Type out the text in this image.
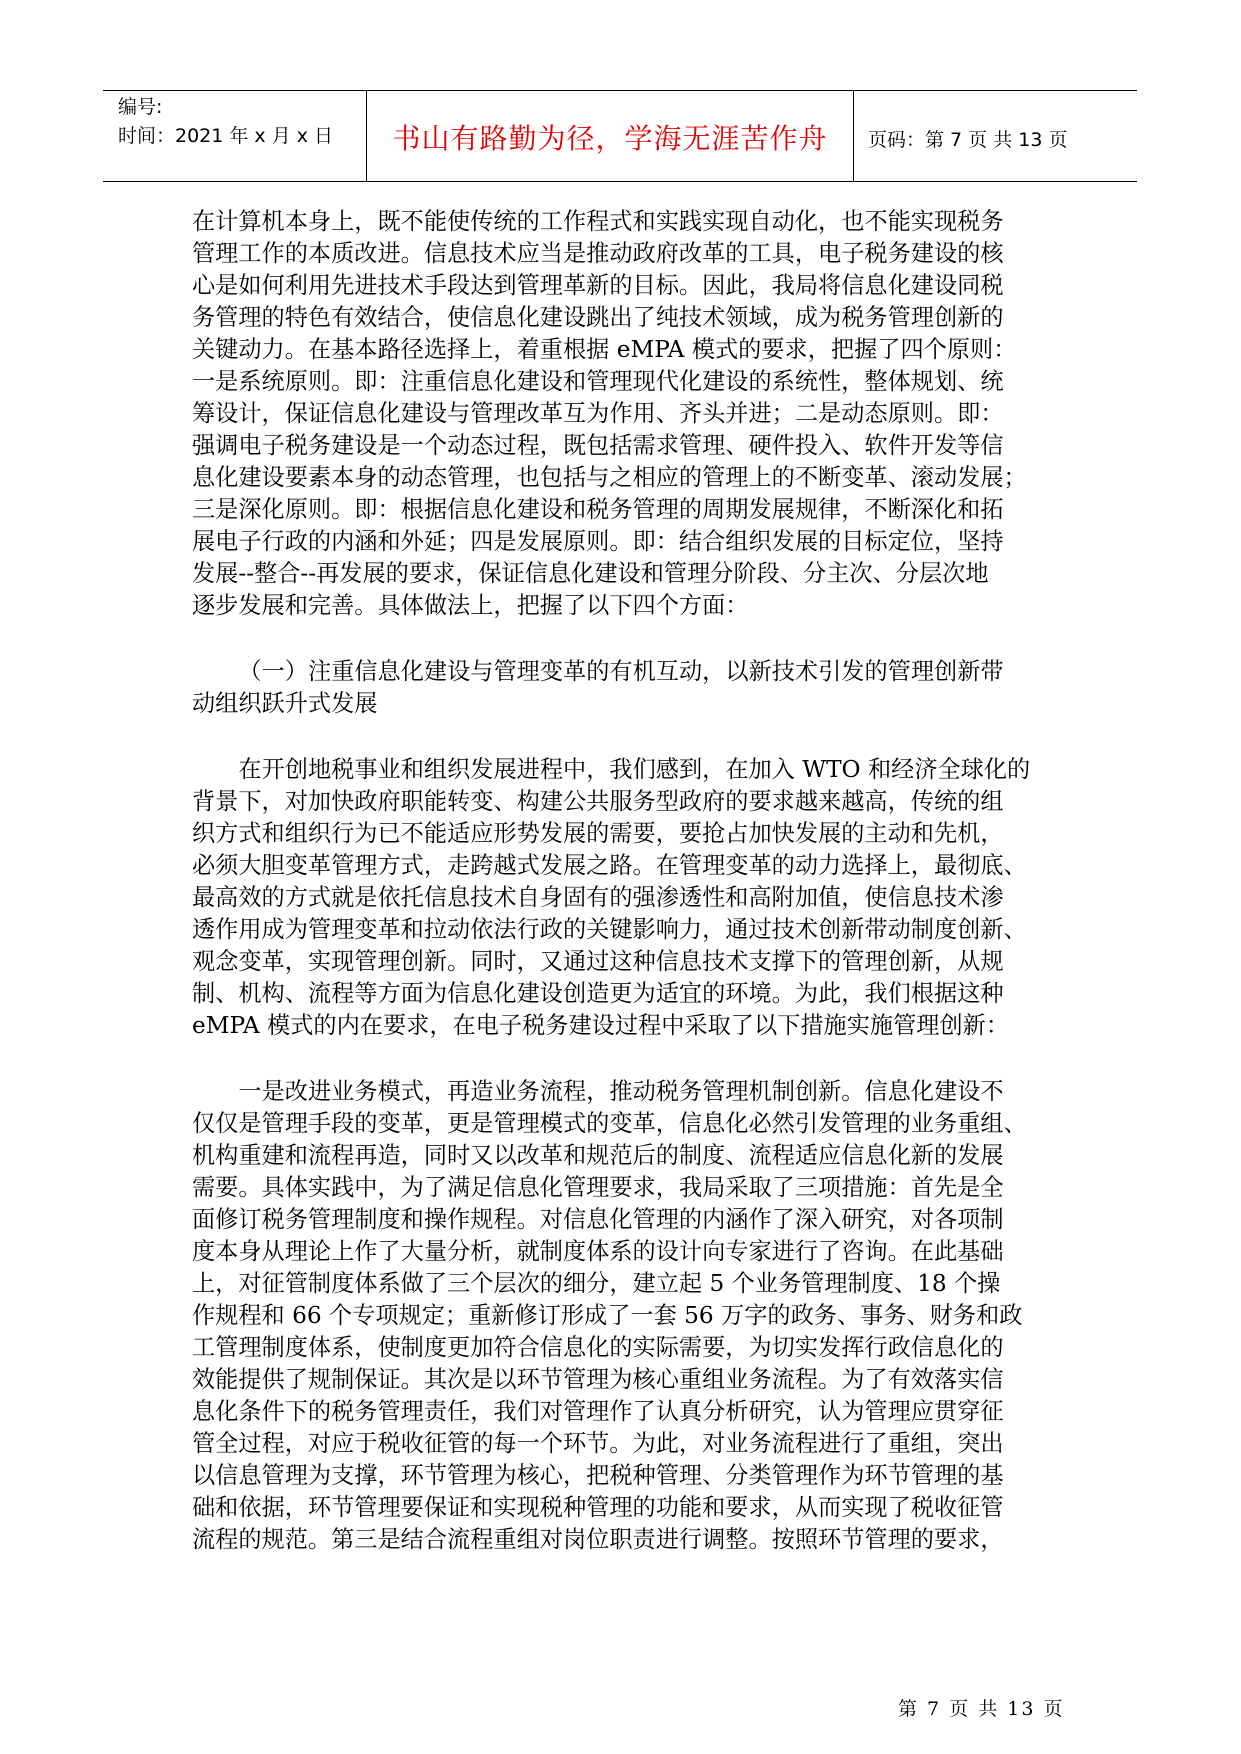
编号:
时间：2021 年 x 月 x 日	书山有路勤为径，学海无涯苦作舟	页码：第 7 页 共 13 页

在计算机本身上，既不能使传统的工作程式和实践实现自动化，也不能实现税务
管理工作的本质改进。信息技术应当是推动政府改革的工具，电子税务建设的核
心是如何利用先进技术手段达到管理革新的目标。因此，我局将信息化建设同税
务管理的特色有效结合，使信息化建设跳出了纯技术领域，成为税务管理创新的
关键动力。在基本路径选择上，着重根据 eMPA 模式的要求，把握了四个原则：
一是系统原则。即：注重信息化建设和管理现代化建设的系统性，整体规划、统
筹设计，保证信息化建设与管理改革互为作用、齐头并进；二是动态原则。即：
强调电子税务建设是一个动态过程，既包括需求管理、硬件投入、软件开发等信
息化建设要素本身的动态管理，也包括与之相应的管理上的不断变革、滚动发展；
三是深化原则。即：根据信息化建设和税务管理的周期发展规律，不断深化和拓
展电子行政的内涵和外延；四是发展原则。即：结合组织发展的目标定位，坚持
发展--整合--再发展的要求，保证信息化建设和管理分阶段、分主次、分层次地
逐步发展和完善。具体做法上，把握了以下四个方面：

（一）注重信息化建设与管理变革的有机互动，以新技术引发的管理创新带
动组织跃升式发展

在开创地税事业和组织发展进程中，我们感到，在加入 WTO 和经济全球化的
背景下，对加快政府职能转变、构建公共服务型政府的要求越来越高，传统的组
织方式和组织行为已不能适应形势发展的需要，要抢占加快发展的主动和先机，
必须大胆变革管理方式，走跨越式发展之路。在管理变革的动力选择上，最彻底、
最高效的方式就是依托信息技术自身固有的强渗透性和高附加值，使信息技术渗
透作用成为管理变革和拉动依法行政的关键影响力，通过技术创新带动制度创新、
观念变革，实现管理创新。同时，又通过这种信息技术支撑下的管理创新，从规
制、机构、流程等方面为信息化建设创造更为适宜的环境。为此，我们根据这种
eMPA 模式的内在要求，在电子税务建设过程中采取了以下措施实施管理创新：

一是改进业务模式，再造业务流程，推动税务管理机制创新。信息化建设不
仅仅是管理手段的变革，更是管理模式的变革，信息化必然引发管理的业务重组、
机构重建和流程再造，同时又以改革和规范后的制度、流程适应信息化新的发展
需要。具体实践中，为了满足信息化管理要求，我局采取了三项措施：首先是全
面修订税务管理制度和操作规程。对信息化管理的内涵作了深入研究，对各项制
度本身从理论上作了大量分析，就制度体系的设计向专家进行了咨询。在此基础
上，对征管制度体系做了三个层次的细分，建立起 5 个业务管理制度、18 个操
作规程和 66 个专项规定；重新修订形成了一套 56 万字的政务、事务、财务和政
工管理制度体系，使制度更加符合信息化的实际需要，为切实发挥行政信息化的
效能提供了规制保证。其次是以环节管理为核心重组业务流程。为了有效落实信
息化条件下的税务管理责任，我们对管理作了认真分析研究，认为管理应贯穿征
管全过程，对应于税收征管的每一个环节。为此，对业务流程进行了重组，突出
以信息管理为支撑，环节管理为核心，把税种管理、分类管理作为环节管理的基
础和依据，环节管理要保证和实现税种管理的功能和要求，从而实现了税收征管
流程的规范。第三是结合流程重组对岗位职责进行调整。按照环节管理的要求，

第 7 页 共 13 页
